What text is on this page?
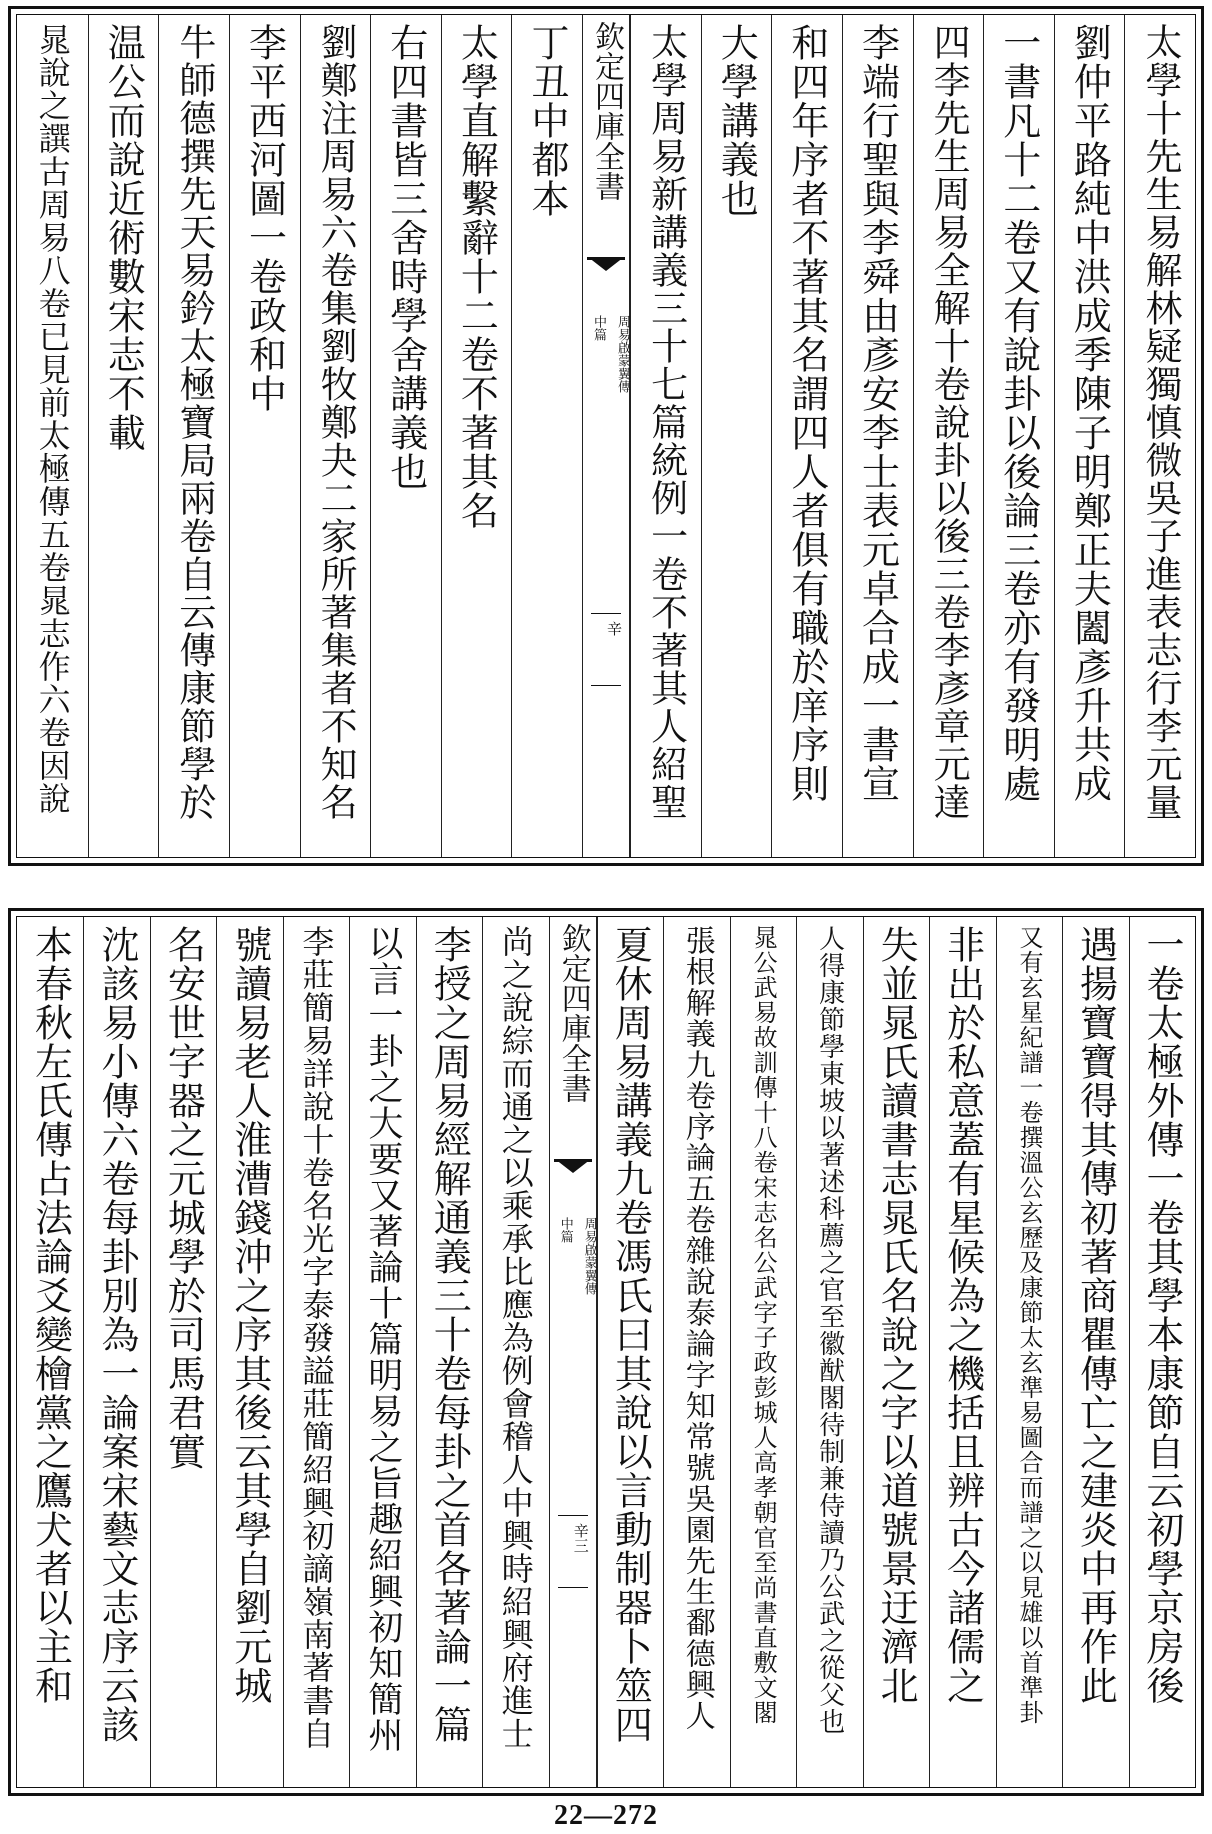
太學十先生易解林疑獨慎微吳子進表志行李元量
劉仲平路純中洪成季陳子明鄭正夫闔彥升共成
一書凡十二卷又有說卦以後論三卷亦有發明處
四李先生周易全解十卷說卦以後三卷李彥章元達
李端行聖與李舜由彥安李士表元卓合成一書宣
和四年序者不著其名謂四人者俱有職於庠序則
大學講義也
太學周易新講義三十七篇統例一卷不著其人紹聖
欽定四庫全書
周易啟蒙翼傳
中篇
辛
丁丑中都本
太學直解繫辭十二卷不著其名
右四書皆三舍時學舍講義也
劉鄭注周易六卷集劉牧鄭夬二家所著集者不知名
李平西河圖一卷政和中
牛師德撰先天易鈐太極寶局兩卷自云傳康節學於
温公而說近術數宋志不載
晁說之譔古周易八卷已見前太極傳五卷晁志作六卷因說
一卷太極外傳一卷其學本康節自云初學京房後
遇揚寶寶得其傳初著商瞿傳亡之建炎中再作此
又有玄星紀譜一卷撰溫公玄歷及康節太玄準易圖合而譜之以見雄以首準卦
非出於私意蓋有星候為之機括且辨古今諸儒之
失並晁氏讀書志晁氏名說之字以道號景迂濟北
人得康節學東坡以著述科薦之官至徽猷閣待制兼侍讀乃公武之從父也
晁公武易故訓傳十八卷宋志名公武字子政彭城人高孝朝官至尚書直敷文閣
張根解義九卷序論五卷雜說泰論字知常號吳園先生鄱德興人
夏休周易講義九卷馮氏曰其說以言動制器卜筮四
欽定四庫全書
周易啟蒙翼傳
中篇
辛三
尚之說綜而通之以乘承比應為例會稽人中興時紹興府進士
李授之周易經解通義三十卷每卦之首各著論一篇
以言一卦之大要又著論十篇明易之旨趣紹興初知簡州
李莊簡易詳說十卷名光字泰發謚莊簡紹興初謫嶺南著書自
號讀易老人淮漕錢沖之序其後云其學自劉元城
名安世字器之元城學於司馬君實
沈該易小傳六卷每卦別為一論案宋藝文志序云該
本春秋左氏傳占法論爻變檜黨之鷹犬者以主和
22—272
